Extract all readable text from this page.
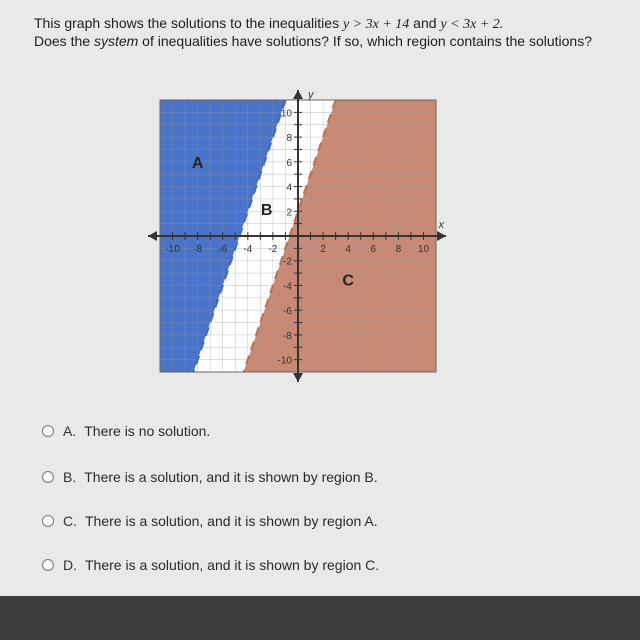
This graph shows the solutions to the inequalities y > 3x + 14 and y < 3x + 2.
Does the system of inequalities have solutions? If so, which region contains the solutions?
-10 -8 -6 -4 -2	2 4 6 8 10
10
8
6
4
2
-2
-4
-6
-8
-10
x
y
A
B
C
A. There is no solution.
B. There is a solution, and it is shown by region B.
C. There is a solution, and it is shown by region A.
D. There is a solution, and it is shown by region C.
